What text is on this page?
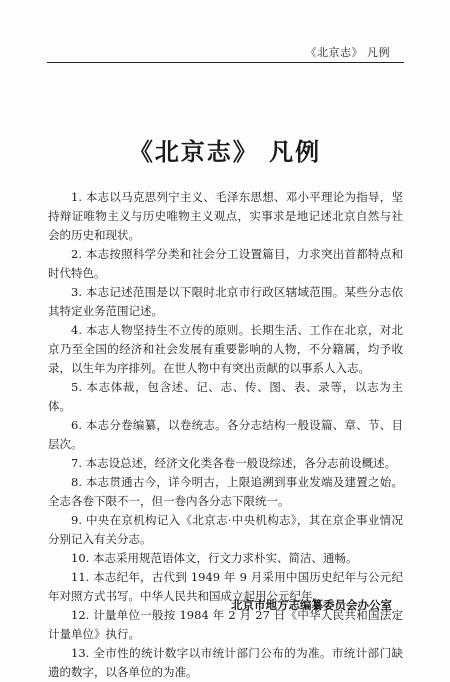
《北京志》 凡例
《北京志》 凡例

1. 本志以马克思列宁主义、毛泽东思想、邓小平理论为指导，坚持辩证唯物主义与历史唯物主义观点，实事求是地记述北京自然与社会的历史和现状。

2. 本志按照科学分类和社会分工设置篇目，力求突出首都特点和时代特色。

3. 本志记述范围是以下限时北京市行政区辖域范围。某些分志依其特定业务范围记述。

4. 本志人物坚持生不立传的原则。长期生活、工作在北京，对北京乃至全国的经济和社会发展有重要影响的人物，不分籍属，均予收录，以生年为序排列。在世人物中有突出贡献的以事系人入志。

5. 本志体裁，包含述、记、志、传、图、表、录等，以志为主体。

6. 本志分卷编纂，以卷统志。各分志结构一般设篇、章、节、目层次。

7. 本志设总述，经济文化类各卷一般设综述，各分志前设概述。

8. 本志贯通古今，详今明古，上限追溯到事业发端及建置之始。全志各卷下限不一，但一卷内各分志下限统一。

9. 中央在京机构记入《北京志·中央机构志》，其在京企事业情况分别记入有关分志。

10. 本志采用规范语体文，行文力求朴实、简洁、通畅。

11. 本志纪年，古代到 1949 年 9 月采用中国历史纪年与公元纪年对照方式书写。中华人民共和国成立起用公元纪年。

12. 计量单位一般按 1984 年 2 月 27 日《中华人民共和国法定计量单位》执行。

13. 全市性的统计数字以市统计部门公布的为准。市统计部门缺遗的数字，以各单位的为准。

北京市地方志编纂委员会办公室
